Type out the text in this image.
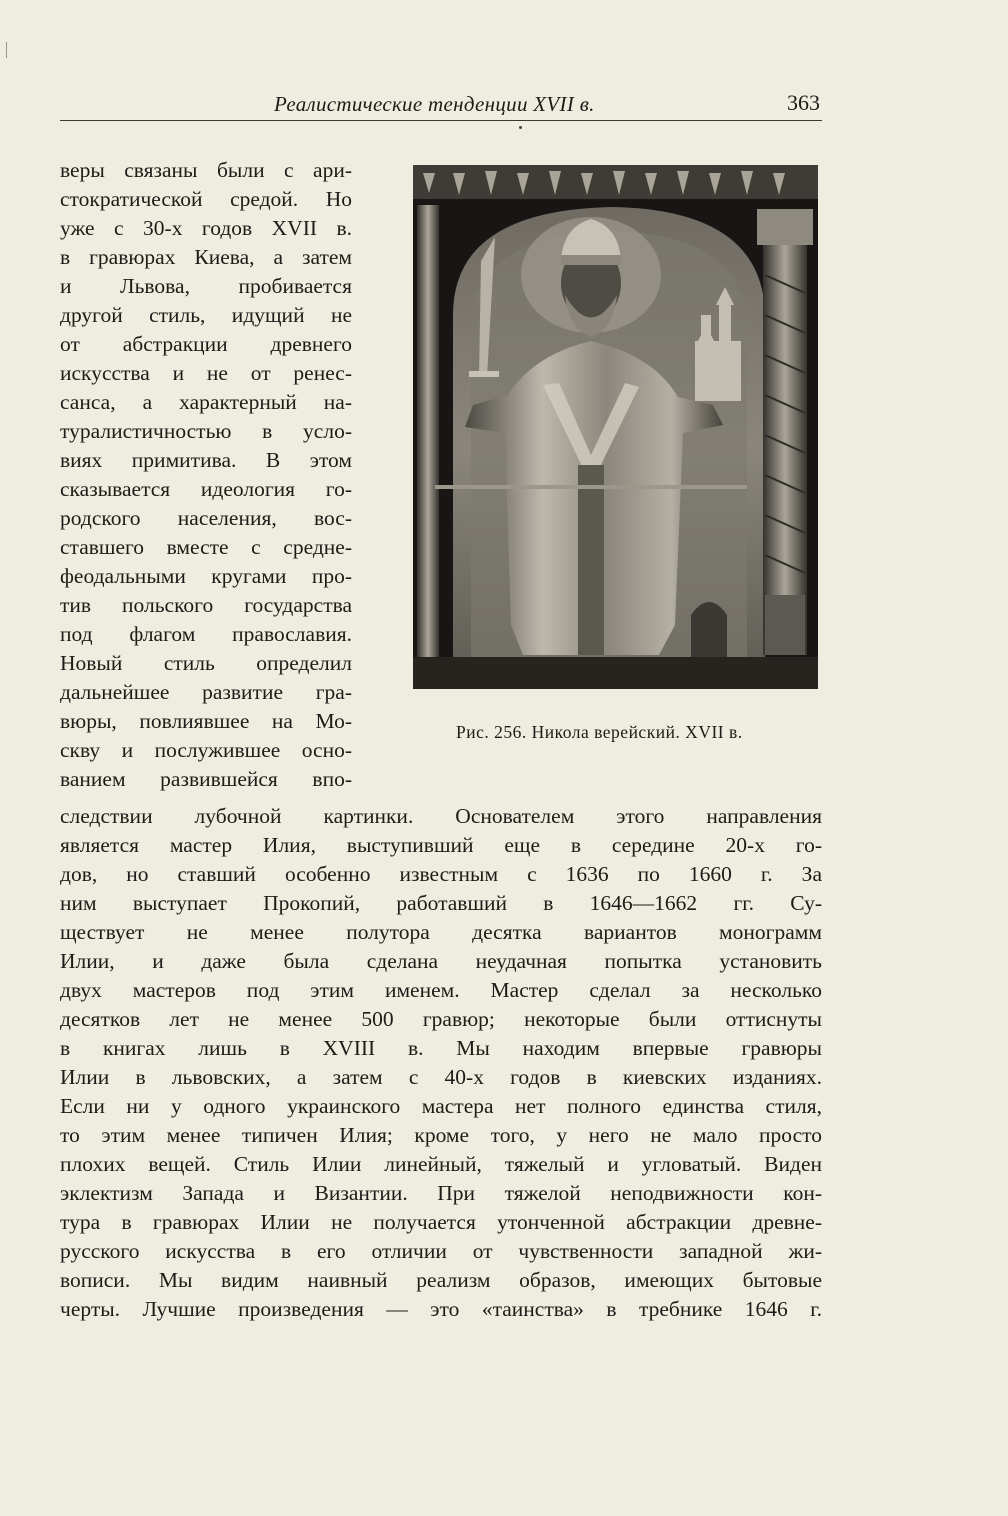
Реалистические тенденции XVII в.	363
веры связаны были с ари-
стократической средой. Но
уже с 30-х годов XVII в.
в гравюрах Киева, а затем
и Львова, пробивается
другой стиль, идущий не
от абстракции древнего
искусства и не от ренес-
санса, а характерный на-
туралистичностью в усло-
виях примитива. В этом
сказывается идеология го-
родского населения, вос-
ставшего вместе с средне-
феодальными кругами про-
тив польского государства
под флагом православия.
Новый стиль определил
дальнейшее развитие гра-
вюры, повлиявшее на Мо-
скву и послужившее осно-
ванием развившейся впо-
Рис. 256. Никола верейский. XVII в.
следствии лубочной картинки. Основателем этого направления
является мастер Илия, выступивший еще в середине 20-х го-
дов, но ставший особенно известным с 1636 по 1660 г. За
ним выступает Прокопий, работавший в 1646—1662 гг. Су-
ществует не менее полутора десятка вариантов монограмм
Илии, и даже была сделана неудачная попытка установить
двух мастеров под этим именем. Мастер сделал за несколько
десятков лет не менее 500 гравюр; некоторые были оттиснуты
в книгах лишь в XVIII в. Мы находим впервые гравюры
Илии в львовских, а затем с 40-х годов в киевских изданиях.
Если ни у одного украинского мастера нет полного единства стиля,
то этим менее типичен Илия; кроме того, у него не мало просто
плохих вещей. Стиль Илии линейный, тяжелый и угловатый. Виден
эклектизм Запада и Византии. При тяжелой неподвижности кон-
тура в гравюрах Илии не получается утонченной абстракции древне-
русского искусства в его отличии от чувственности западной жи-
вописи. Мы видим наивный реализм образов, имеющих бытовые
черты. Лучшие произведения — это «таинства» в требнике 1646 г.
